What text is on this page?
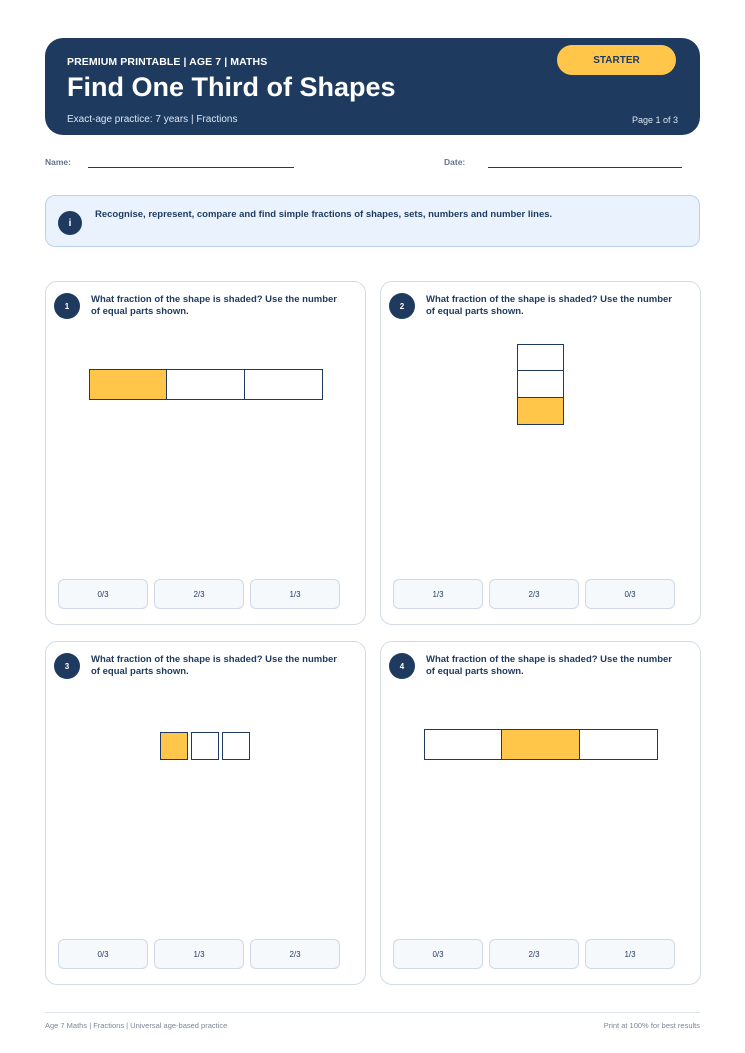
PREMIUM PRINTABLE | AGE 7 | MATHS
Find One Third of Shapes
Exact-age practice: 7 years | Fractions	Page 1 of 3
STARTER
Name:	Date:
i
Recognise, represent, compare and find simple fractions of shapes, sets, numbers and number lines.
1
What fraction of the shape is shaded? Use the number of equal parts shown.
0/3	2/3	1/3
2
What fraction of the shape is shaded? Use the number of equal parts shown.
1/3	2/3	0/3
3
What fraction of the shape is shaded? Use the number of equal parts shown.
0/3	1/3	2/3
4
What fraction of the shape is shaded? Use the number of equal parts shown.
0/3	2/3	1/3
Age 7 Maths | Fractions | Universal age-based practice	Print at 100% for best results
